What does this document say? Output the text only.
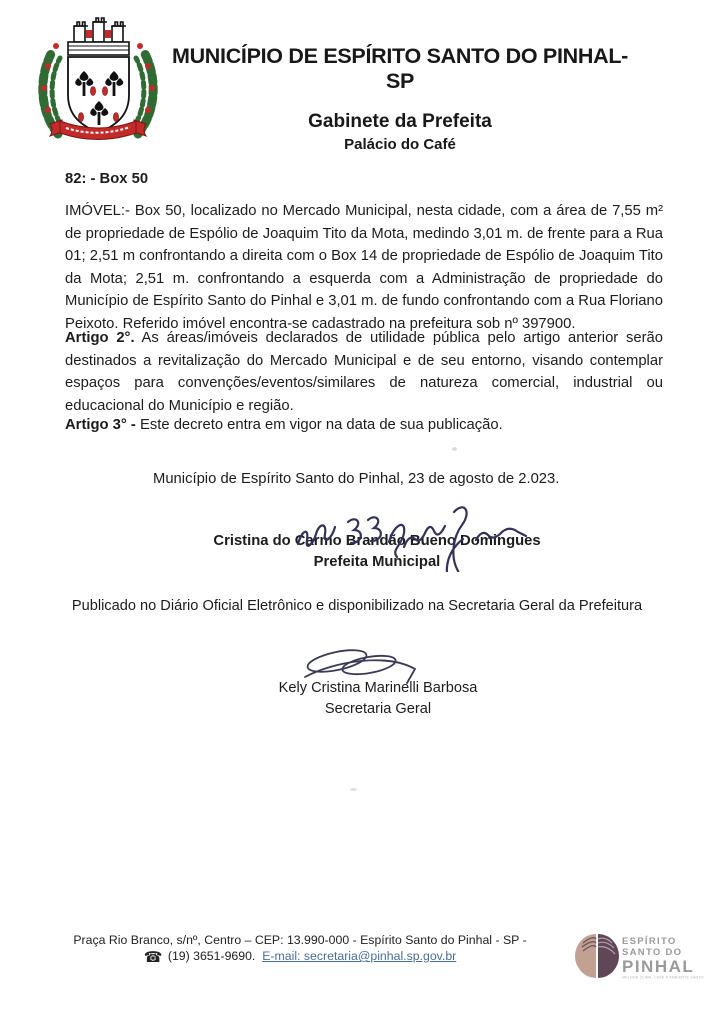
MUNICÍPIO DE ESPÍRITO SANTO DO PINHAL-SP
Gabinete da Prefeita
Palácio do Café
82: - Box 50

IMÓVEL:- Box 50, localizado no Mercado Municipal, nesta cidade, com a área de 7,55 m² de propriedade de Espólio de Joaquim Tito da Mota, medindo 3,01 m. de frente para a Rua 01; 2,51 m confrontando a direita com o Box 14 de propriedade de Espólio de Joaquim Tito da Mota; 2,51 m. confrontando a esquerda com a Administração de propriedade do Município de Espírito Santo do Pinhal e 3,01 m. de fundo confrontando com a Rua Floriano Peixoto. Referido imóvel encontra-se cadastrado na prefeitura sob nº 397900.

Artigo 2°. As áreas/imóveis declarados de utilidade pública pelo artigo anterior serão destinados a revitalização do Mercado Municipal e de seu entorno, visando contemplar espaços para convenções/eventos/similares de natureza comercial, industrial ou educacional do Município e região.

Artigo 3° - Este decreto entra em vigor na data de sua publicação.

Município de Espírito Santo do Pinhal, 23 de agosto de 2.023.
Cristina do Carmo Brandão Bueno Domingues
Prefeita Municipal
Publicado no Diário Oficial Eletrônico e disponibilizado na Secretaria Geral da Prefeitura
Kely Cristina Marinelli Barbosa
Secretaria Geral
Praça Rio Branco, s/nº, Centro – CEP: 13.990-000 - Espírito Santo do Pinhal - SP -
☎ (19) 3651-9690. E-mail: secretaria@pinhal.sp.gov.br
ESPÍRITO
SANTO DO
PINHAL
MELHOR CLIMA, CAFÉ E AMBIENTE SANTO
